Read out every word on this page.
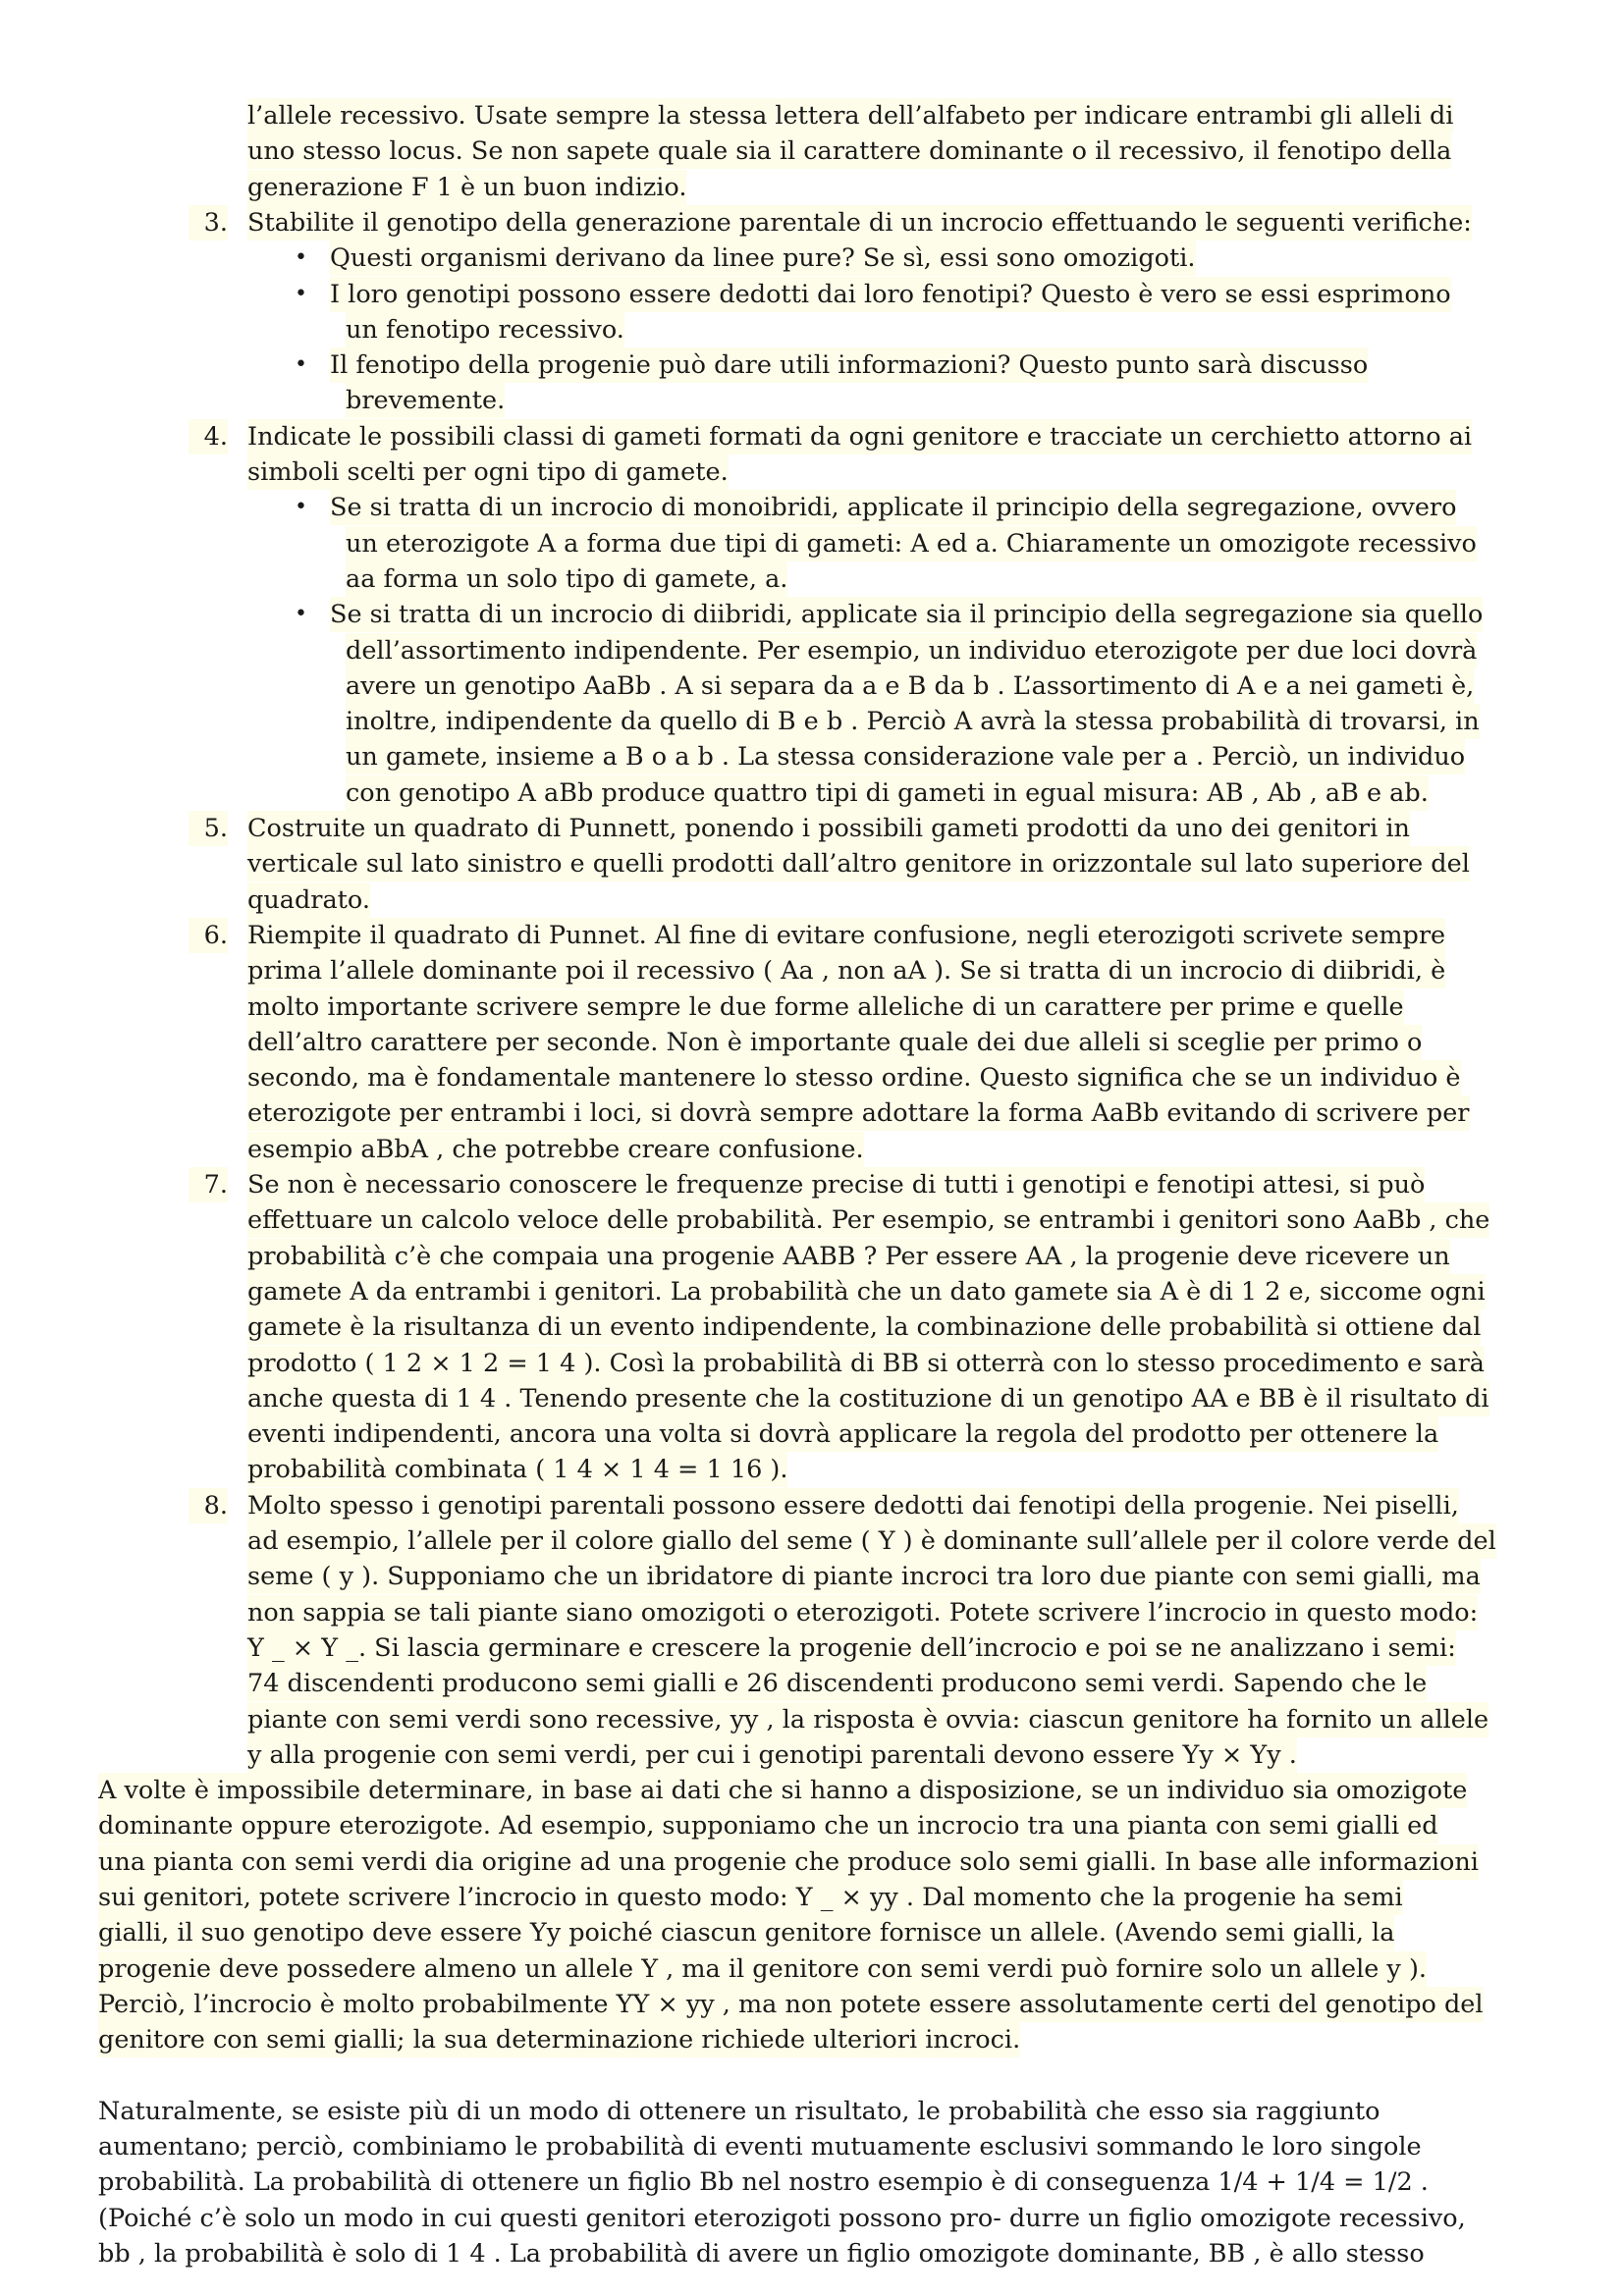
l’allele recessivo. Usate sempre la stessa lettera dell’alfabeto per indicare entrambi gli alleli di
uno stesso locus. Se non sapete quale sia il carattere dominante o il recessivo, il fenotipo della
generazione F 1 è un buon indizio.
3. Stabilite il genotipo della generazione parentale di un incrocio effettuando le seguenti verifiche:
• Questi organismi derivano da linee pure? Se sì, essi sono omozigoti.
• I loro genotipi possono essere dedotti dai loro fenotipi? Questo è vero se essi esprimono
un fenotipo recessivo.
• Il fenotipo della progenie può dare utili informazioni? Questo punto sarà discusso
brevemente.
4. Indicate le possibili classi di gameti formati da ogni genitore e tracciate un cerchietto attorno ai
simboli scelti per ogni tipo di gamete.
• Se si tratta di un incrocio di monoibridi, applicate il principio della segregazione, ovvero
un eterozigote A a forma due tipi di gameti: A ed a. Chiaramente un omozigote recessivo
aa forma un solo tipo di gamete, a.
• Se si tratta di un incrocio di diibridi, applicate sia il principio della segregazione sia quello
dell’assortimento indipendente. Per esempio, un individuo eterozigote per due loci dovrà
avere un genotipo AaBb . A si separa da a e B da b . L’assortimento di A e a nei gameti è,
inoltre, indipendente da quello di B e b . Perciò A avrà la stessa probabilità di trovarsi, in
un gamete, insieme a B o a b . La stessa considerazione vale per a . Perciò, un individuo
con genotipo A aBb produce quattro tipi di gameti in egual misura: AB , Ab , aB e ab.
5. Costruite un quadrato di Punnett, ponendo i possibili gameti prodotti da uno dei genitori in
verticale sul lato sinistro e quelli prodotti dall’altro genitore in orizzontale sul lato superiore del
quadrato.
6. Riempite il quadrato di Punnet. Al fine di evitare confusione, negli eterozigoti scrivete sempre
prima l’allele dominante poi il recessivo ( Aa , non aA ). Se si tratta di un incrocio di diibridi, è
molto importante scrivere sempre le due forme alleliche di un carattere per prime e quelle
dell’altro carattere per seconde. Non è importante quale dei due alleli si sceglie per primo o
secondo, ma è fondamentale mantenere lo stesso ordine. Questo significa che se un individuo è
eterozigote per entrambi i loci, si dovrà sempre adottare la forma AaBb evitando di scrivere per
esempio aBbA , che potrebbe creare confusione.
7. Se non è necessario conoscere le frequenze precise di tutti i genotipi e fenotipi attesi, si può
effettuare un calcolo veloce delle probabilità. Per esempio, se entrambi i genitori sono AaBb , che
probabilità c’è che compaia una progenie AABB ? Per essere AA , la progenie deve ricevere un
gamete A da entrambi i genitori. La probabilità che un dato gamete sia A è di 1 2 e, siccome ogni
gamete è la risultanza di un evento indipendente, la combinazione delle probabilità si ottiene dal
prodotto ( 1 2 × 1 2 = 1 4 ). Così la probabilità di BB si otterrà con lo stesso procedimento e sarà
anche questa di 1 4 . Tenendo presente che la costituzione di un genotipo AA e BB è il risultato di
eventi indipendenti, ancora una volta si dovrà applicare la regola del prodotto per ottenere la
probabilità combinata ( 1 4 × 1 4 = 1 16 ).
8. Molto spesso i genotipi parentali possono essere dedotti dai fenotipi della progenie. Nei piselli,
ad esempio, l’allele per il colore giallo del seme ( Y ) è dominante sull’allele per il colore verde del
seme ( y ). Supponiamo che un ibridatore di piante incroci tra loro due piante con semi gialli, ma
non sappia se tali piante siano omozigoti o eterozigoti. Potete scrivere l’incrocio in questo modo:
Y _ × Y _. Si lascia germinare e crescere la progenie dell’incrocio e poi se ne analizzano i semi:
74 discendenti producono semi gialli e 26 discendenti producono semi verdi. Sapendo che le
piante con semi verdi sono recessive, yy , la risposta è ovvia: ciascun genitore ha fornito un allele
y alla progenie con semi verdi, per cui i genotipi parentali devono essere Yy × Yy .
A volte è impossibile determinare, in base ai dati che si hanno a disposizione, se un individuo sia omozigote
dominante oppure eterozigote. Ad esempio, supponiamo che un incrocio tra una pianta con semi gialli ed
una pianta con semi verdi dia origine ad una progenie che produce solo semi gialli. In base alle informazioni
sui genitori, potete scrivere l’incrocio in questo modo: Y _ × yy . Dal momento che la progenie ha semi
gialli, il suo genotipo deve essere Yy poiché ciascun genitore fornisce un allele. (Avendo semi gialli, la
progenie deve possedere almeno un allele Y , ma il genitore con semi verdi può fornire solo un allele y ).
Perciò, l’incrocio è molto probabilmente YY × yy , ma non potete essere assolutamente certi del genotipo del
genitore con semi gialli; la sua determinazione richiede ulteriori incroci.
Naturalmente, se esiste più di un modo di ottenere un risultato, le probabilità che esso sia raggiunto
aumentano; perciò, combiniamo le probabilità di eventi mutuamente esclusivi sommando le loro singole
probabilità. La probabilità di ottenere un figlio Bb nel nostro esempio è di conseguenza 1/4 + 1/4 = 1/2 .
(Poiché c’è solo un modo in cui questi genitori eterozigoti possono pro- durre un figlio omozigote recessivo,
bb , la probabilità è solo di 1 4 . La probabilità di avere un figlio omozigote dominante, BB , è allo stesso
